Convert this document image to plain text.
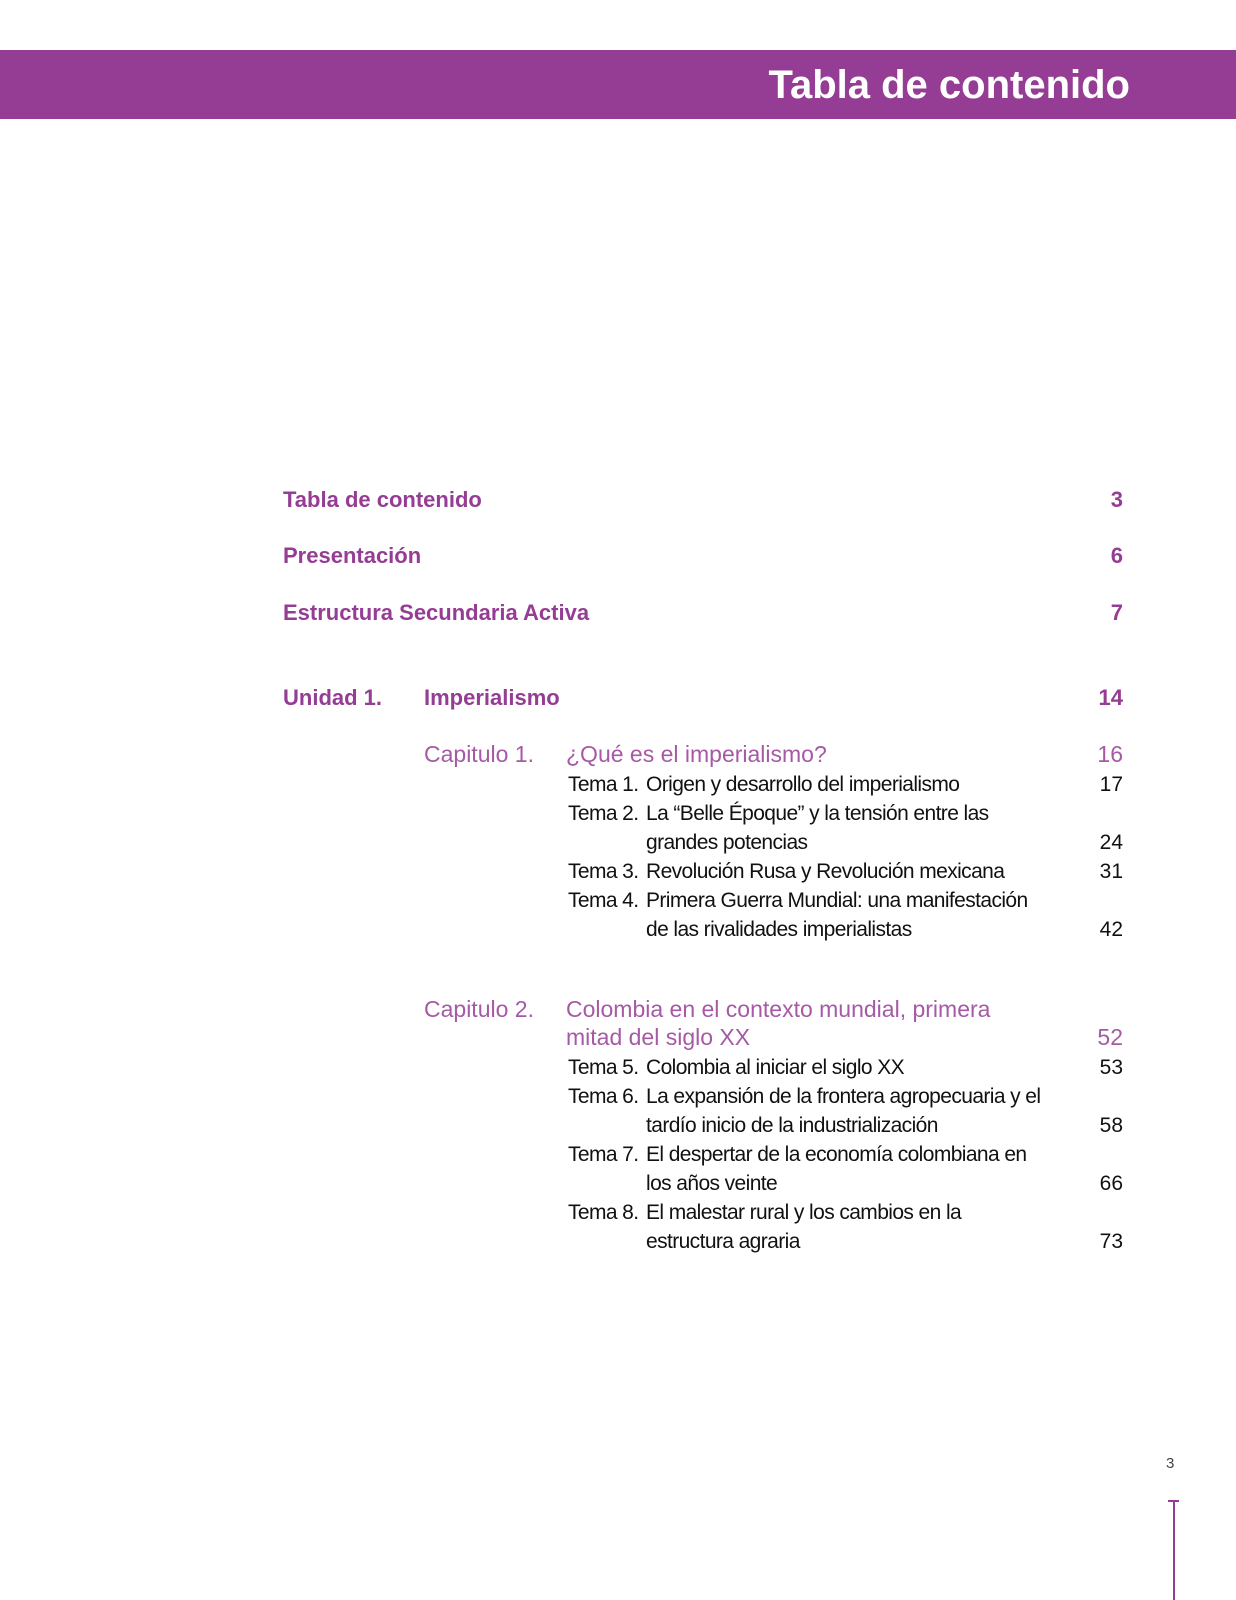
Tabla de contenido
Tabla de contenido	3
Presentación	6
Estructura Secundaria Activa	7
Unidad 1. Imperialismo	14
Capitulo 1. ¿Qué es el imperialismo?	16
Tema 1. Origen y desarrollo del imperialismo	17
Tema 2. La “Belle Époque” y la tensión entre las
grandes potencias	24
Tema 3. Revolución Rusa y Revolución mexicana	31
Tema 4. Primera Guerra Mundial: una manifestación
de las rivalidades imperialistas	42
Capitulo 2. Colombia en el contexto mundial, primera
mitad del siglo XX	52
Tema 5. Colombia al iniciar el siglo XX	53
Tema 6. La expansión de la frontera agropecuaria y el
tardío inicio de la industrialización	58
Tema 7. El despertar de la economía colombiana en
los años veinte	66
Tema 8. El malestar rural y los cambios en la
estructura agraria	73
3
